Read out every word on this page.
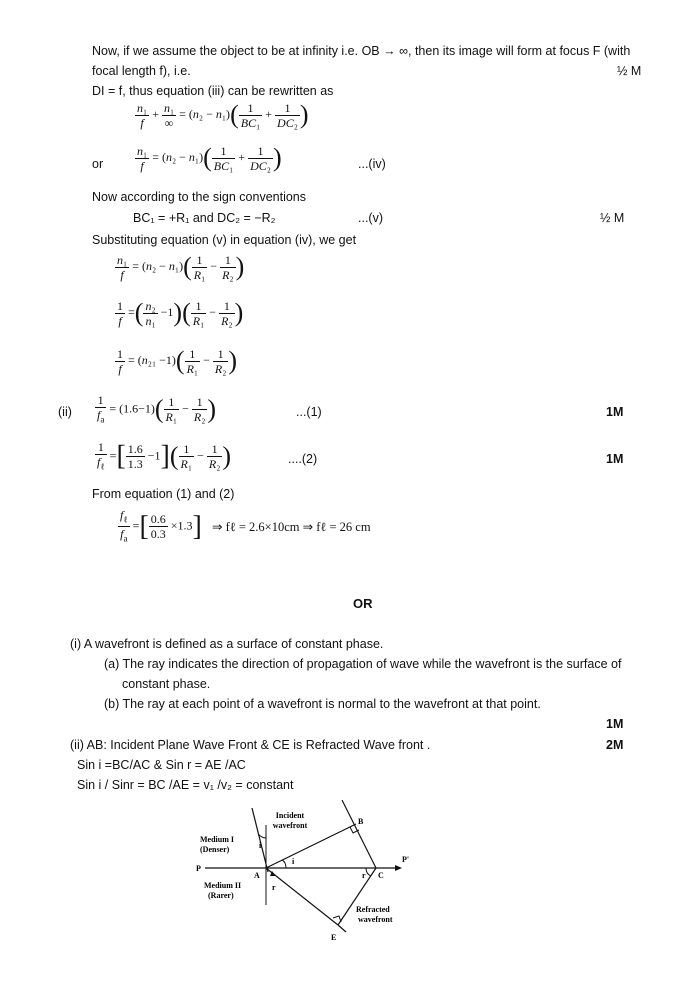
Now, if we assume the object to be at infinity i.e. OB → ∞, then its image will form at focus F (with
focal length f), i.e.	½ M
DI = f, thus equation (iii) can be rewritten as
$\frac{\text{n₁}}{f} + \frac{\text{n₁}}{\infty} = (n_2 - n_1)( \frac{1}{\text{BC₁}} + \frac{1}{\text{DC₂}}$ )
or	$\frac{\text{n₁}}{f} = (n_2 - n_1)( \frac{1}{\text{BC₁}} + \frac{1}{\text{DC₂}}$ )	...(iv)
Now according to the sign conventions
BC₁ = +R₁ and DC₂ = −R₂	...(v)	½ M
Substituting equation (v) in equation (iv), we get
$\frac{\text{n₁}}{f} = (n_2 - n_1)( \frac{1}{\text{R₁}} - \frac{1}{\text{R₂}}$ )
$\frac{1}{f}$ =( $\frac{\text{n₂}}{\text{n₁}} -1)( \frac{1}{\text{R₁}} - \frac{1}{\text{R₂}}$ )
$\frac{1}{f} = (n_{21} -1)( \frac{1}{\text{R₁}} - \frac{1}{\text{R₂}}$ )
$(ii) \frac{1}{f_a} = (1.6-1)( \frac{1}{\text{R₁}} - \frac{1}{\text{R₂}}$ )	...(1)	1M
$\frac{1}{f_\ell}$ =[ $\frac{1.6}{1.3} -1]( \frac{1}{\text{R₁}} - \frac{1}{\text{R₂}}$ )	....(2)	1M
From equation (1) and (2)
$\frac{f_\ell}{f_a}$ =[ $\frac{0.6}{0.3} \times 1.3$] ⇒ fℓ = 2.6×10cm ⇒ fℓ = 26 cm
OR
(i) A wavefront is defined as a surface of constant phase.
(a) The ray indicates the direction of propagation of wave while the wavefront is the surface of
constant phase.
(b) The ray at each point of a wavefront is normal to the wavefront at that point.
1M
(ii) AB: Incident Plane Wave Front & CE is Refracted Wave front .	2M
Sin i =BC/AC & Sin r = AE /AC
Sin i / Sinr = BC /AE = v₁ /v₂ = constant
Incident
wavefront
Medium I
(Denser)
Medium II
(Rarer)
Refracted
wavefront
P
P'
A
B
C
E
i
i
r
r
